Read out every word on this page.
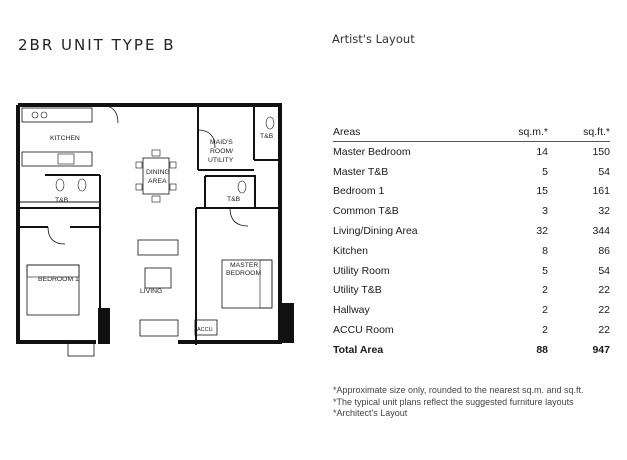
2BR UNIT TYPE B	Artist's Layout
KITCHEN
DINING
AREA
MAID'S
ROOM/
UTILITY
T&B
T&B
T&B
BEDROOM 1
LIVING
MASTER
BEDROOM
ACCU
Areas	sq.m.*	sq.ft.*
Master Bedroom	14	150
Master T&B	5	54
Bedroom 1	15	161
Common T&B	3	32
Living/Dining Area	32	344
Kitchen	8	86
Utility Room	5	54
Utility T&B	2	22
Hallway	2	22
ACCU Room	2	22
Total Area	88	947
*Approximate size only, rounded to the nearest sq.m. and sq.ft.
*The typical unit plans reflect the suggested furniture layouts
*Architect's Layout
